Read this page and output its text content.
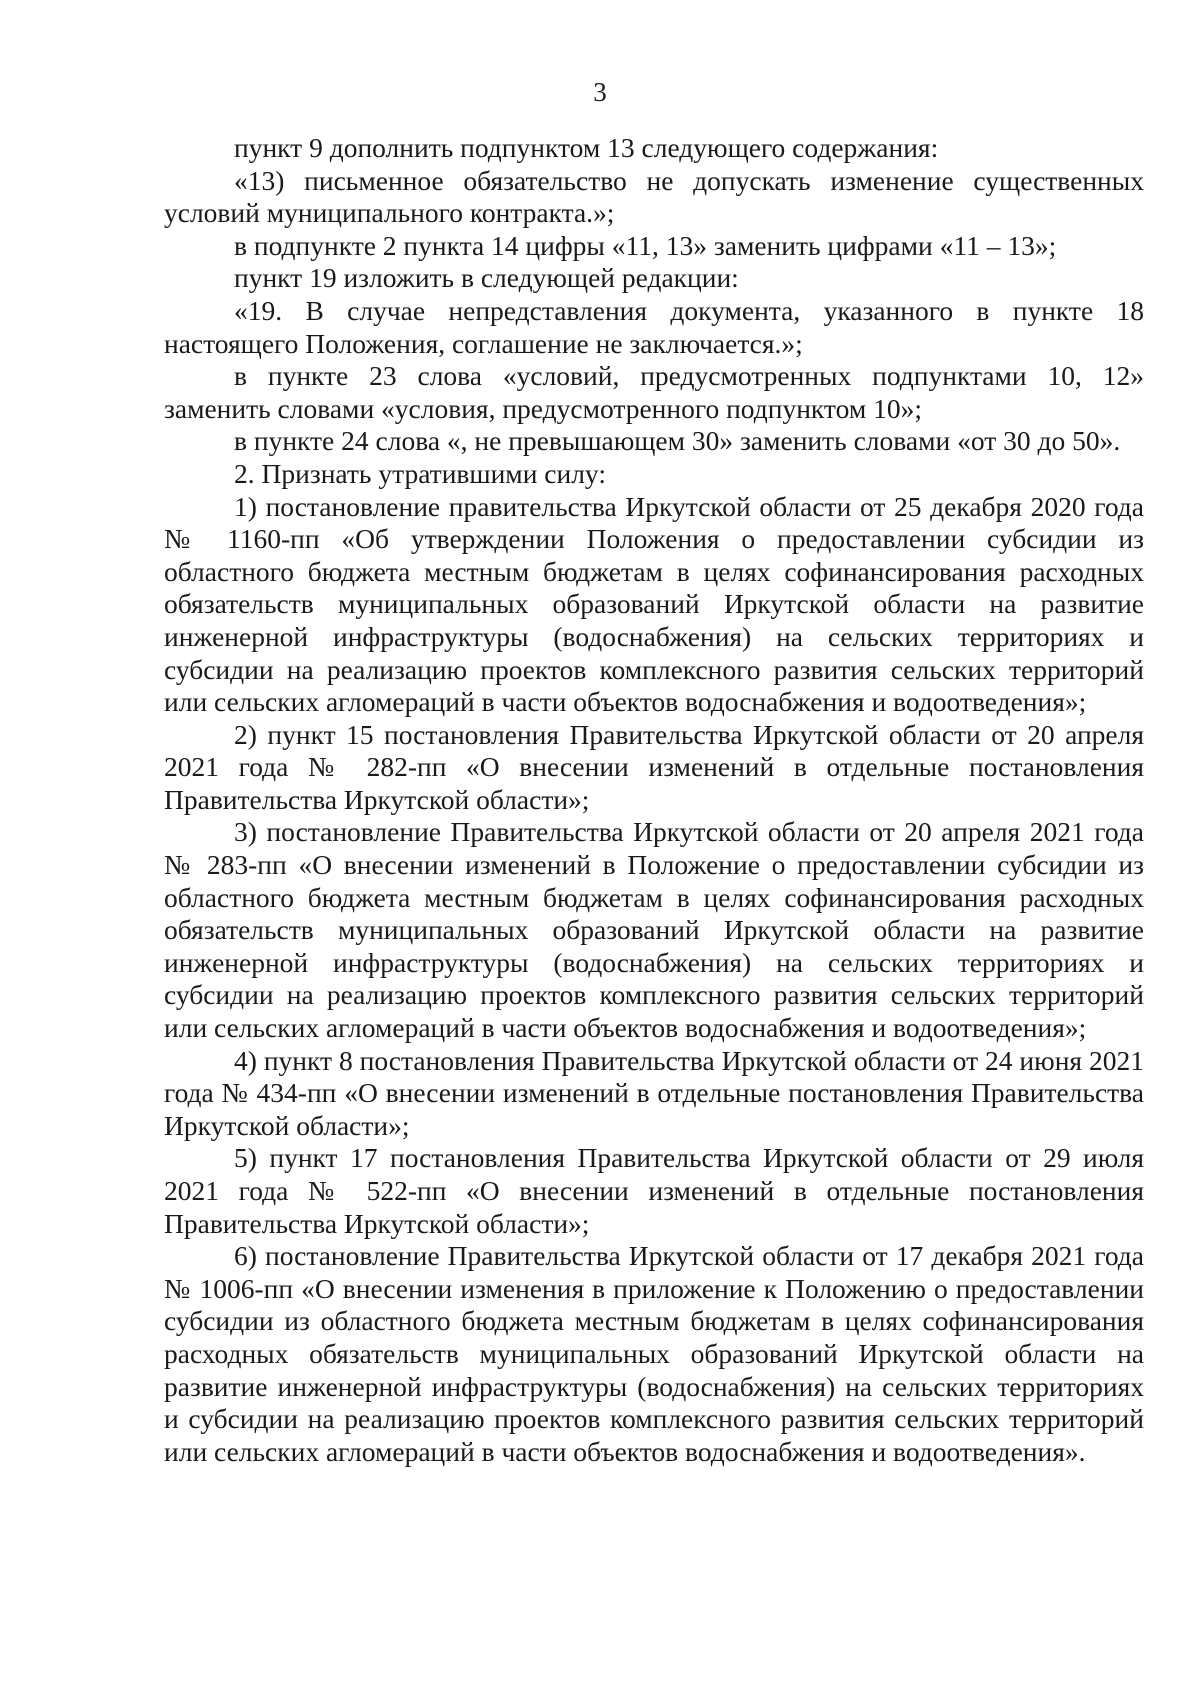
3

пункт 9 дополнить подпунктом 13 следующего содержания:

«13) письменное обязательство не допускать изменение существенных условий муниципального контракта.»;

в подпункте 2 пункта 14 цифры «11, 13» заменить цифрами «11 – 13»;

пункт 19 изложить в следующей редакции:

«19. В случае непредставления документа, указанного в пункте 18 настоящего Положения, соглашение не заключается.»;

в пункте 23 слова «условий, предусмотренных подпунктами 10, 12» заменить словами «условия, предусмотренного подпунктом 10»;

в пункте 24 слова «, не превышающем 30» заменить словами «от 30 до 50».

2. Признать утратившими силу:

1) постановление правительства Иркутской области от 25 декабря 2020 года № 1160-пп «Об утверждении Положения о предоставлении субсидии из областного бюджета местным бюджетам в целях софинансирования расходных обязательств муниципальных образований Иркутской области на развитие инженерной инфраструктуры (водоснабжения) на сельских территориях и субсидии на реализацию проектов комплексного развития сельских территорий или сельских агломераций в части объектов водоснабжения и водоотведения»;

2) пункт 15 постановления Правительства Иркутской области от 20 апреля 2021 года № 282-пп «О внесении изменений в отдельные постановления Правительства Иркутской области»;

3) постановление Правительства Иркутской области от 20 апреля 2021 года № 283-пп «О внесении изменений в Положение о предоставлении субсидии из областного бюджета местным бюджетам в целях софинансирования расходных обязательств муниципальных образований Иркутской области на развитие инженерной инфраструктуры (водоснабжения) на сельских территориях и субсидии на реализацию проектов комплексного развития сельских территорий или сельских агломераций в части объектов водоснабжения и водоотведения»;

4) пункт 8 постановления Правительства Иркутской области от 24 июня 2021 года № 434-пп «О внесении изменений в отдельные постановления Правительства Иркутской области»;

5) пункт 17 постановления Правительства Иркутской области от 29 июля 2021 года № 522-пп «О внесении изменений в отдельные постановления Правительства Иркутской области»;

6) постановление Правительства Иркутской области от 17 декабря 2021 года № 1006-пп «О внесении изменения в приложение к Положению о предоставлении субсидии из областного бюджета местным бюджетам в целях софинансирования расходных обязательств муниципальных образований Иркутской области на развитие инженерной инфраструктуры (водоснабжения) на сельских территориях и субсидии на реализацию проектов комплексного развития сельских территорий или сельских агломераций в части объектов водоснабжения и водоотведения».
